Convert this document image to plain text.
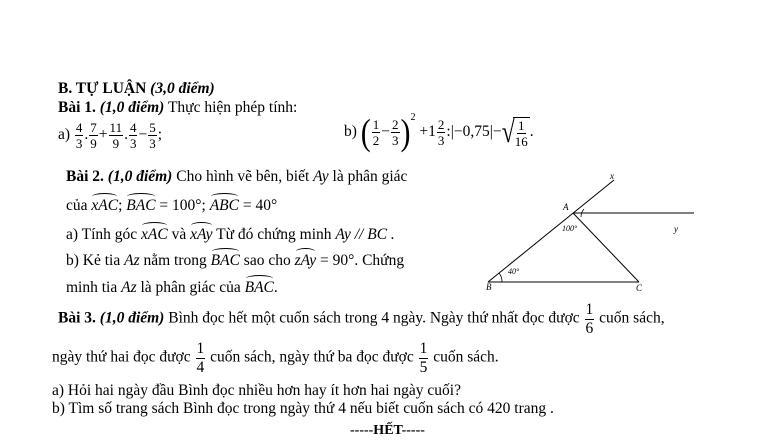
B. TỰ LUẬN (3,0 điểm)
Bài 1. (1,0 điểm) Thực hiện phép tính:
$a) \frac{4}{3}$ . $\frac{7}{9} + \frac{11}{9}$ . $\frac{4}{3} - \frac{5}{3}$ ;	b) ( $\frac{1}{2} - \frac{2}{3} )^2 +1 \frac{2}{3}$ :|−0,75|− √ $\frac{1}{16}$ .
Bài 2. (1,0 điểm) Cho hình vẽ bên, biết Ay là phân giác
của xAC; BAC = 100°; ABC = 40°
a) Tính góc xAC và xAy Từ đó chứng minh Ay // BC .
b) Kẻ tia Az nằm trong BAC sao cho zAy = 90°. Chứng
minh tia Az là phân giác của BAC.
x
A
y
100°
40°
B	C
Bài 3. (1,0 điểm) Bình đọc hết một cuốn sách trong 4 ngày. Ngày thứ nhất đọc được $\frac{1}{6}$ cuốn sách,
ngày thứ hai đọc được $\frac{1}{4}$ cuốn sách, ngày thứ ba đọc được $\frac{1}{5}$ cuốn sách.
a) Hỏi hai ngày đầu Bình đọc nhiều hơn hay ít hơn hai ngày cuối?
b) Tìm số trang sách Bình đọc trong ngày thứ 4 nếu biết cuốn sách có 420 trang .
-----HẾT-----
